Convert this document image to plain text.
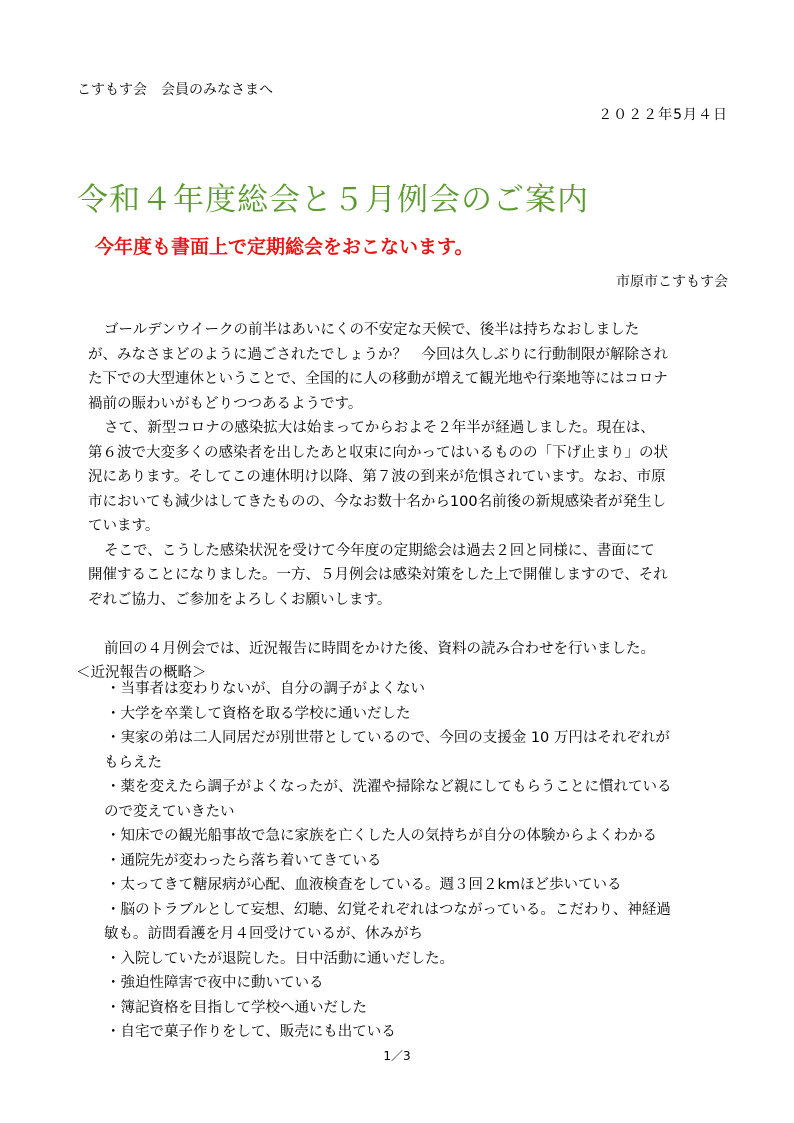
こすもす会　会員のみなさまへ
２０２２年5月４日
令和４年度総会と５月例会のご案内
今年度も書面上で定期総会をおこないます。
市原市こすもす会
ゴールデンウイークの前半はあいにくの不安定な天候で、後半は持ちなおしました
が、みなさまどのように過ごされたでしょうか？　今回は久しぶりに行動制限が解除され
た下での大型連休ということで、全国的に人の移動が増えて観光地や行楽地等にはコロナ
禍前の賑わいがもどりつつあるようです。
さて、新型コロナの感染拡大は始まってからおよそ２年半が経過しました。現在は、
第６波で大変多くの感染者を出したあと収束に向かってはいるものの「下げ止まり」の状
況にあります。そしてこの連休明け以降、第７波の到来が危惧されています。なお、市原
市においても減少はしてきたものの、今なお数十名から100名前後の新規感染者が発生し
ています。
そこで、こうした感染状況を受けて今年度の定期総会は過去２回と同様に、書面にて
開催することになりました。一方、５月例会は感染対策をした上で開催しますので、それ
ぞれご協力、ご参加をよろしくお願いします。
前回の４月例会では、近況報告に時間をかけた後、資料の読み合わせを行いました。
＜近況報告の概略＞
・当事者は変わりないが、自分の調子がよくない
・大学を卒業して資格を取る学校に通いだした
・実家の弟は二人同居だが別世帯としているので、今回の支援金 10 万円はそれぞれが
もらえた
・薬を変えたら調子がよくなったが、洗濯や掃除など親にしてもらうことに慣れている
ので変えていきたい
・知床での観光船事故で急に家族を亡くした人の気持ちが自分の体験からよくわかる
・通院先が変わったら落ち着いてきている
・太ってきて糖尿病が心配、血液検査をしている。週３回２kmほど歩いている
・脳のトラブルとして妄想、幻聴、幻覚それぞれはつながっている。こだわり、神経過
敏も。訪問看護を月４回受けているが、休みがち
・入院していたが退院した。日中活動に通いだした。
・強迫性障害で夜中に動いている
・簿記資格を目指して学校へ通いだした
・自宅で菓子作りをして、販売にも出ている
1／3
